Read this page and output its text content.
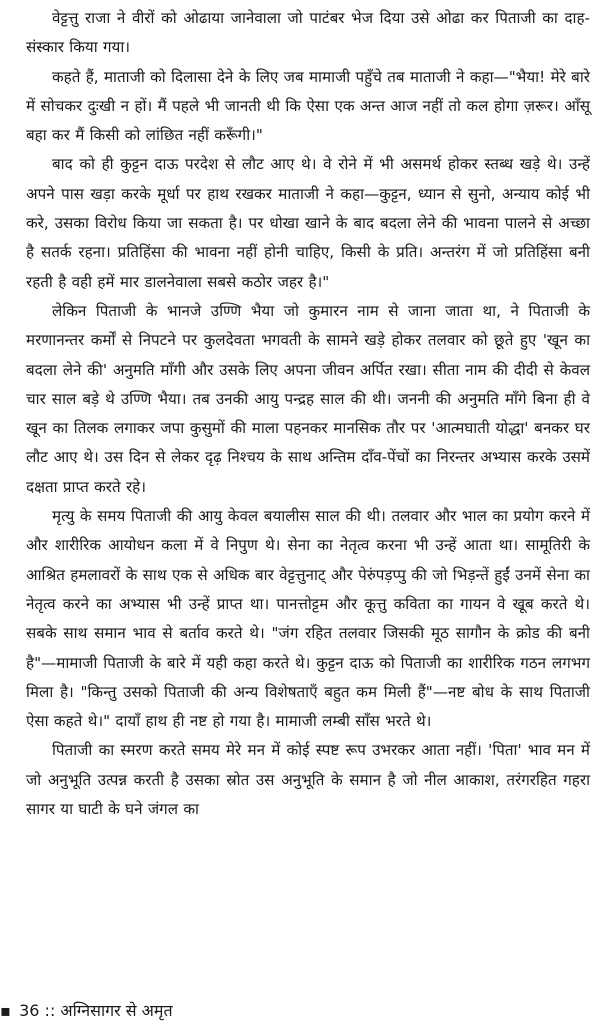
वेट्टत्तु राजा ने वीरों को ओढाया जानेवाला जो पाटंबर भेज दिया उसे ओढा कर पिताजी का दाह-संस्कार किया गया।

कहते हैं, माताजी को दिलासा देने के लिए जब मामाजी पहुँचे तब माताजी ने कहा—"भैया! मेरे बारे में सोचकर दुःखी न हों। मैं पहले भी जानती थी कि ऐसा एक अन्त आज नहीं तो कल होगा ज़रूर। आँसू बहा कर मैं किसी को लांछित नहीं करूँगी।"

बाद को ही कुट्टन दाऊ परदेश से लौट आए थे। वे रोने में भी असमर्थ होकर स्तब्ध खड़े थे। उन्हें अपने पास खड़ा करके मूर्धा पर हाथ रखकर माताजी ने कहा—कुट्टन, ध्यान से सुनो, अन्याय कोई भी करे, उसका विरोध किया जा सकता है। पर धोखा खाने के बाद बदला लेने की भावना पालने से अच्छा है सतर्क रहना। प्रतिहिंसा की भावना नहीं होनी चाहिए, किसी के प्रति। अन्तरंग में जो प्रतिहिंसा बनी रहती है वही हमें मार डालनेवाला सबसे कठोर जहर है।"

लेकिन पिताजी के भानजे उण्णि भैया जो कुमारन नाम से जाना जाता था, ने पिताजी के मरणानन्तर कर्मों से निपटने पर कुलदेवता भगवती के सामने खड़े होकर तलवार को छूते हुए 'खून का बदला लेने की' अनुमति माँगी और उसके लिए अपना जीवन अर्पित रखा। सीता नाम की दीदी से केवल चार साल बड़े थे उण्णि भैया। तब उनकी आयु पन्द्रह साल की थी। जननी की अनुमति माँगे बिना ही वे खून का तिलक लगाकर जपा कुसुमों की माला पहनकर मानसिक तौर पर 'आत्मघाती योद्धा' बनकर घर लौट आए थे। उस दिन से लेकर दृढ़ निश्चय के साथ अन्तिम दाँव-पेंचों का निरन्तर अभ्यास करके उसमें दक्षता प्राप्त करते रहे।

मृत्यु के समय पिताजी की आयु केवल बयालीस साल की थी। तलवार और भाल का प्रयोग करने में और शारीरिक आयोधन कला में वे निपुण थे। सेना का नेतृत्व करना भी उन्हें आता था। सामूतिरी के आश्रित हमलावरों के साथ एक से अधिक बार वेट्टत्तुनाट् और पेरुंपड़प्पु की जो भिड़न्तें हुईं उनमें सेना का नेतृत्व करने का अभ्यास भी उन्हें प्राप्त था। पानत्तोट्टम और कूत्तु कविता का गायन वे खूब करते थे। सबके साथ समान भाव से बर्ताव करते थे। "जंग रहित तलवार जिसकी मूठ सागौन के क्रोड की बनी है"—मामाजी पिताजी के बारे में यही कहा करते थे। कुट्टन दाऊ को पिताजी का शारीरिक गठन लगभग मिला है। "किन्तु उसको पिताजी की अन्य विशेषताएँ बहुत कम मिली हैं"—नष्ट बोध के साथ पिताजी ऐसा कहते थे।" दायाँ हाथ ही नष्ट हो गया है। मामाजी लम्बी साँस भरते थे।

पिताजी का स्मरण करते समय मेरे मन में कोई स्पष्ट रूप उभरकर आता नहीं। 'पिता' भाव मन में जो अनुभूति उत्पन्न करती है उसका स्रोत उस अनुभूति के समान है जो नील आकाश, तरंगरहित गहरा सागर या घाटी के घने जंगल का

▪ 36 :: अग्निसागर से अमृत
